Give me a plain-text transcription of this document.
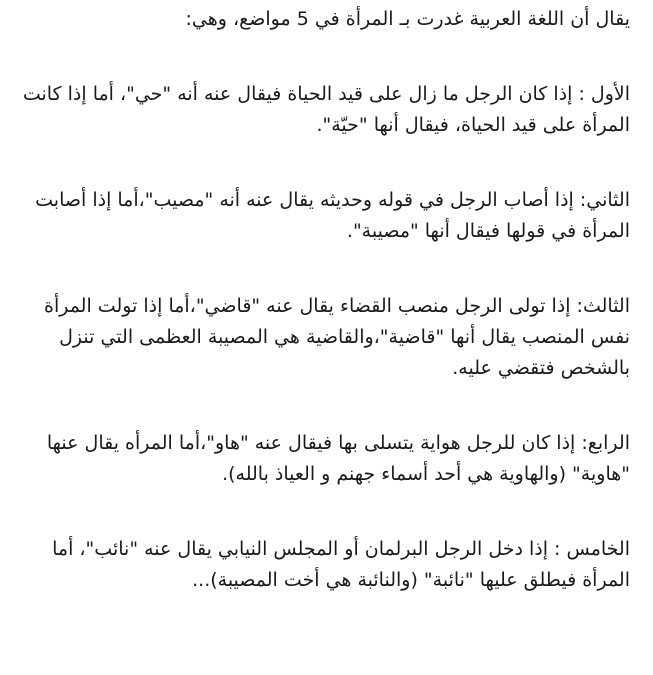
يقال أن اللغة العربية غدرت بـ المرأة في 5 مواضع، وهي:

الأول : إذا كان الرجل ما زال على قيد الحياة فيقال عنه أنه "حي"، أما إذا كانت المرأة على قيد الحياة، فيقال أنها "حيّة".

الثاني: إذا أصاب الرجل في قوله وحديثه يقال عنه أنه "مصيب"،أما إذا أصابت المرأة في قولها فيقال أنها "مصيبة".

الثالث: إذا تولى الرجل منصب القضاء يقال عنه "قاضي"،أما إذا تولت المرأة نفس المنصب يقال أنها "قاضية"،والقاضية هي المصيبة العظمى التي تنزل بالشخص فتقضي عليه.

الرابع: إذا كان للرجل هواية يتسلى بها فيقال عنه "هاو"،أما المرأه يقال عنها "هاوية" (والهاوية هي أحد أسماء جهنم و العياذ بالله).

الخامس : إذا دخل الرجل البرلمان أو المجلس النيابي يقال عنه "نائب"، أما المرأة فيطلق عليها "نائبة" (والنائبة هي أخت المصيبة)...
